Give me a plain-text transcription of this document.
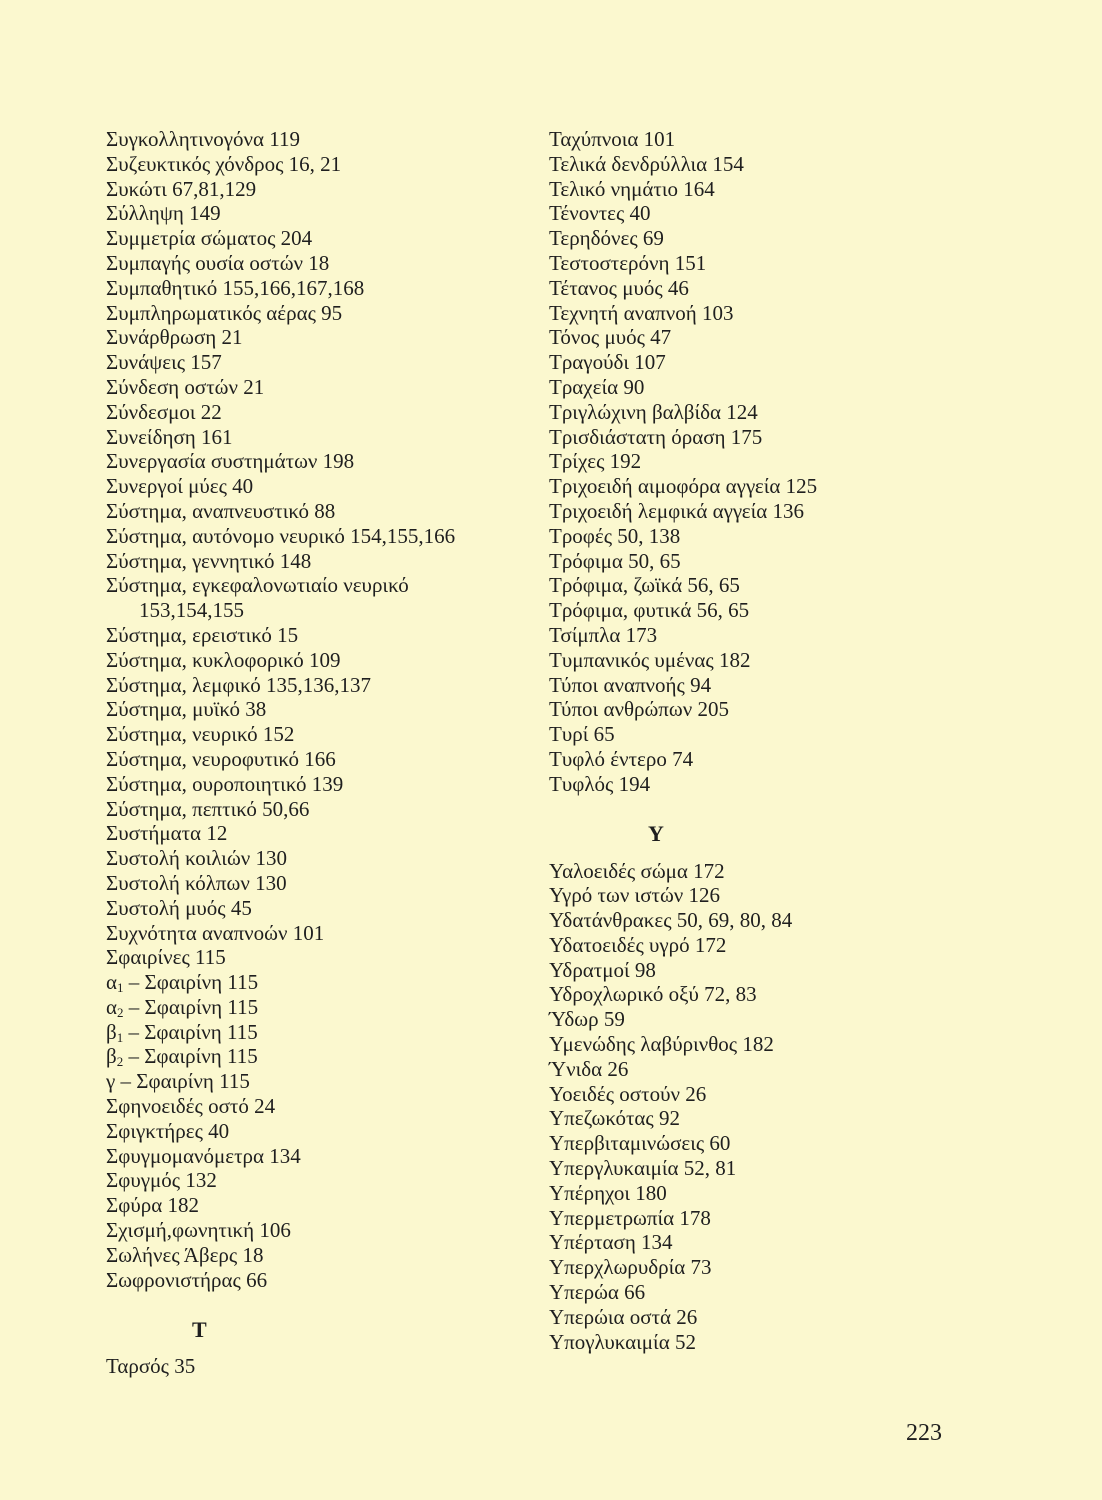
Συγκολλητινογόνα 119
Συζευκτικός χόνδρος 16, 21
Συκώτι 67,81,129
Σύλληψη 149
Συμμετρία σώματος 204
Συμπαγής ουσία οστών 18
Συμπαθητικό 155,166,167,168
Συμπληρωματικός αέρας 95
Συνάρθρωση 21
Συνάψεις 157
Σύνδεση οστών 21
Σύνδεσμοι 22
Συνείδηση 161
Συνεργασία συστημάτων 198
Συνεργοί μύες 40
Σύστημα, αναπνευστικό 88
Σύστημα, αυτόνομο νευρικό 154,155,166
Σύστημα, γεννητικό 148
Σύστημα, εγκεφαλονωτιαίο νευρικό
153,154,155
Σύστημα, ερειστικό 15
Σύστημα, κυκλοφορικό 109
Σύστημα, λεμφικό 135,136,137
Σύστημα, μυϊκό 38
Σύστημα, νευρικό 152
Σύστημα, νευροφυτικό 166
Σύστημα, ουροποιητικό 139
Σύστημα, πεπτικό 50,66
Συστήματα 12
Συστολή κοιλιών 130
Συστολή κόλπων 130
Συστολή μυός 45
Συχνότητα αναπνοών 101
Σφαιρίνες 115
$\alpha_1$ – Σφαιρίνη 115
$\alpha_2$ – Σφαιρίνη 115
$\beta_1$ – Σφαιρίνη 115
$\beta_2$ – Σφαιρίνη 115
γ – Σφαιρίνη 115
Σφηνοειδές οστό 24
Σφιγκτήρες 40
Σφυγμομανόμετρα 134
Σφυγμός 132
Σφύρα 182
Σχισμή,φωνητική 106
Σωλήνες Άβερς 18
Σωφρονιστήρας 66
Τ
Ταρσός 35
Ταχύπνοια 101
Τελικά δενδρύλλια 154
Τελικό νημάτιο 164
Τένοντες 40
Τερηδόνες 69
Τεστοστερόνη 151
Τέτανος μυός 46
Τεχνητή αναπνοή 103
Τόνος μυός 47
Τραγούδι 107
Τραχεία 90
Τριγλώχινη βαλβίδα 124
Τρισδιάστατη όραση 175
Τρίχες 192
Τριχοειδή αιμοφόρα αγγεία 125
Τριχοειδή λεμφικά αγγεία 136
Τροφές 50, 138
Τρόφιμα 50, 65
Τρόφιμα, ζωϊκά 56, 65
Τρόφιμα, φυτικά 56, 65
Τσίμπλα 173
Τυμπανικός υμένας 182
Τύποι αναπνοής 94
Τύποι ανθρώπων 205
Τυρί 65
Τυφλό έντερο 74
Τυφλός 194
Υ
Υαλοειδές σώμα 172
Υγρό των ιστών 126
Υδατάνθρακες 50, 69, 80, 84
Υδατοειδές υγρό 172
Υδρατμοί 98
Υδροχλωρικό οξύ 72, 83
Ύδωρ 59
Υμενώδης λαβύρινθος 182
Ύνιδα 26
Υοειδές οστούν 26
Υπεζωκότας 92
Υπερβιταμινώσεις 60
Υπεργλυκαιμία 52, 81
Υπέρηχοι 180
Υπερμετρωπία 178
Υπέρταση 134
Υπερχλωρυδρία 73
Υπερώα 66
Υπερώια οστά 26
Υπογλυκαιμία 52
223
